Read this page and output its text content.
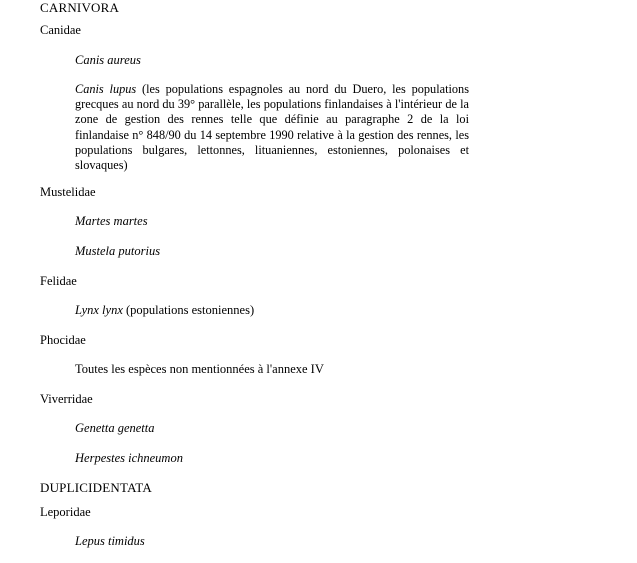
CARNIVORA
Canidae
Canis aureus
Canis lupus (les populations espagnoles au nord du Duero, les populations grecques au nord du 39° parallèle, les populations finlandaises à l'intérieur de la zone de gestion des rennes telle que définie au paragraphe 2 de la loi finlandaise n° 848/90 du 14 septembre 1990 relative à la gestion des rennes, les populations bulgares, lettonnes, lituaniennes, estoniennes, polonaises et slovaques)
Mustelidae
Martes martes
Mustela putorius
Felidae
Lynx lynx (populations estoniennes)
Phocidae
Toutes les espèces non mentionnées à l'annexe IV
Viverridae
Genetta genetta
Herpestes ichneumon
DUPLICIDENTATA
Leporidae
Lepus timidus
